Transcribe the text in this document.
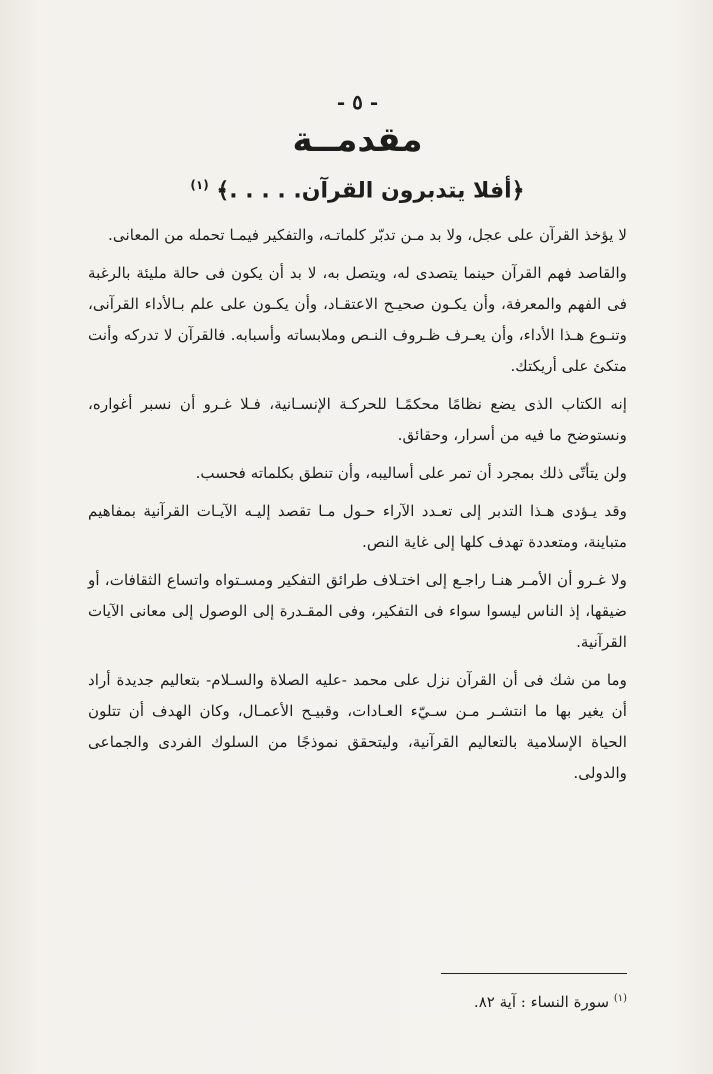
- ٥ -

مقدمــة

﴿أفلا يتدبرون القرآن. . . . .﴾ $^{(١)}$

لا يؤخذ القرآن على عجل، ولا بد مـن تدبّر كلماتـه، والتفكير فيمـا تحمله من المعانى.

والقاصد فهم القرآن حينما يتصدى له، ويتصل به، لا بد أن يكون فى حالة مليئة بالرغبة فى الفهم والمعرفة، وأن يكـون صحيـح الاعتقـاد، وأن يكـون على علم بـالأداء القرآنى، وتنـوع هـذا الأداء، وأن يعـرف ظـروف النـص وملابساته وأسبابه. فالقرآن لا تدركه وأنت متكئ على أريكتك.

إنه الكتاب الذى يضع نظامًا محكمًـا للحركـة الإنسـانية، فـلا غـرو أن نسبر أغواره، ونستوضح ما فيه من أسرار، وحقائق.

ولن يتأتّى ذلك بمجرد أن تمر على أساليبه، وأن تنطق بكلماته فحسب.

وقد يـؤدى هـذا التدبر إلى تعـدد الآراء حـول مـا تقصد إليـه الآيـات القرآنية بمفاهيم متباينة، ومتعددة تهدف كلها إلى غاية النص.

ولا غـرو أن الأمـر هنـا راجـع إلى اختـلاف طرائق التفكير ومسـتواه واتساع الثقافات، أو ضيقها، إذ الناس ليسوا سواء فى التفكير، وفى المقـدرة إلى الوصول إلى معانى الآيات القرآنية.

وما من شك فى أن القرآن نزل على محمد -عليه الصلاة والسـلام- بتعاليم جديدة أراد أن يغير بها ما انتشـر مـن سـيّء العـادات، وقبيـح الأعمـال، وكان الهدف أن تتلون الحياة الإسلامية بالتعاليم القرآنية، وليتحقق نموذجًا من السلوك الفردى والجماعى والدولى.

$^{(١)}$ سورة النساء : آية ٨٢.
